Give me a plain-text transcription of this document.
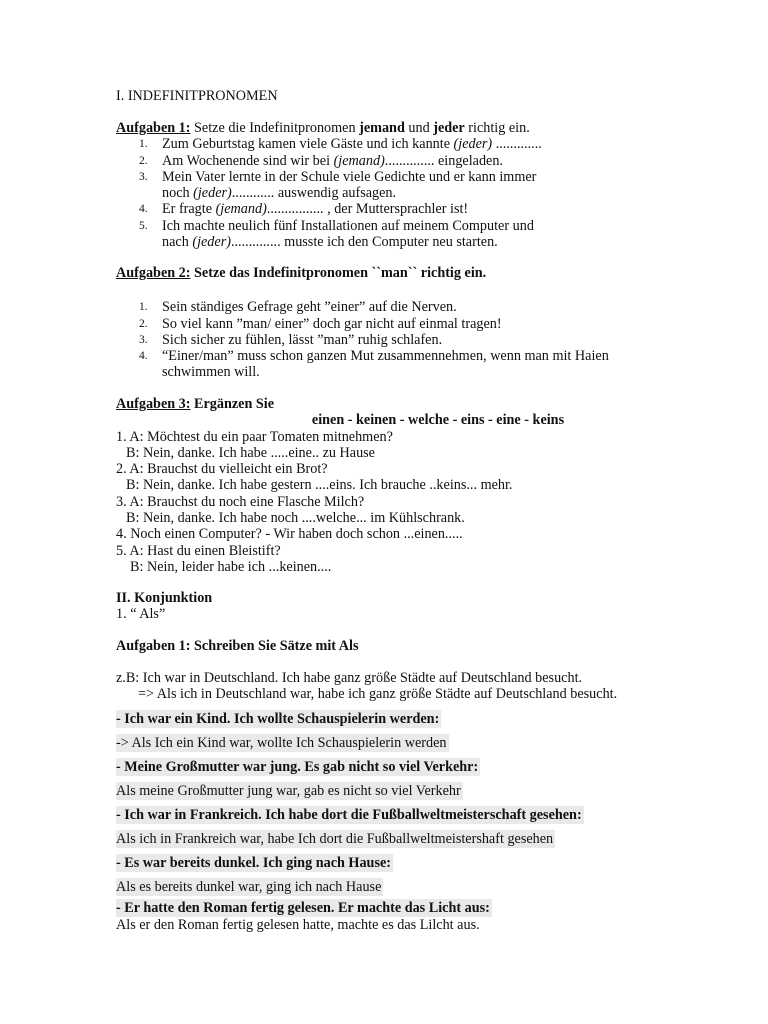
I. INDEFINITPRONOMEN
Aufgaben 1: Setze die Indefinitpronomen jemand und jeder richtig ein.
1. Zum Geburtstag kamen viele Gäste und ich kannte (jeder) .............
2. Am Wochenende sind wir bei (jemand).............. eingeladen.
3. Mein Vater lernte in der Schule viele Gedichte und er kann immer
noch (jeder)............ auswendig aufsagen.
4. Er fragte (jemand)................ , der Muttersprachler ist!
5. Ich machte neulich fünf Installationen auf meinem Computer und
nach (jeder).............. musste ich den Computer neu starten.
Aufgaben 2: Setze das Indefinitpronomen ``man`` richtig ein.
1. Sein ständiges Gefrage geht ”einer” auf die Nerven.
2. So viel kann ”man/ einer” doch gar nicht auf einmal tragen!
3. Sich sicher zu fühlen, lässt ”man” ruhig schlafen.
4. “Einer/man” muss schon ganzen Mut zusammennehmen, wenn man mit Haien
schwimmen will.
Aufgaben 3: Ergänzen Sie
einen - keinen - welche - eins - eine - keins
1. A: Möchtest du ein paar Tomaten mitnehmen?
B: Nein, danke. Ich habe .....eine.. zu Hause
2. A: Brauchst du vielleicht ein Brot?
B: Nein, danke. Ich habe gestern ....eins. Ich brauche ..keins... mehr.
3. A: Brauchst du noch eine Flasche Milch?
B: Nein, danke. Ich habe noch ....welche... im Kühlschrank.
4. Noch einen Computer? - Wir haben doch schon ...einen.....
5. A: Hast du einen Bleistift?
B: Nein, leider habe ich ...keinen....
II. Konjunktion
1. “ Als”
Aufgaben 1: Schreiben Sie Sätze mit Als
z.B: Ich war in Deutschland. Ich habe ganz größe Städte auf Deutschland besucht.
=> Als ich in Deutschland war, habe ich ganz größe Städte auf Deutschland besucht.
- Ich war ein Kind. Ich wollte Schauspielerin werden:
-> Als Ich ein Kind war, wollte Ich Schauspielerin werden
- Meine Großmutter war jung. Es gab nicht so viel Verkehr:
Als meine Großmutter jung war, gab es nicht so viel Verkehr
- Ich war in Frankreich. Ich habe dort die Fußballweltmeisterschaft gesehen:
Als ich in Frankreich war, habe Ich dort die Fußballweltmeistershaft gesehen
- Es war bereits dunkel. Ich ging nach Hause:
Als es bereits dunkel war, ging ich nach Hause
- Er hatte den Roman fertig gelesen. Er machte das Licht aus:
Als er den Roman fertig gelesen hatte, machte es das Lilcht aus.
